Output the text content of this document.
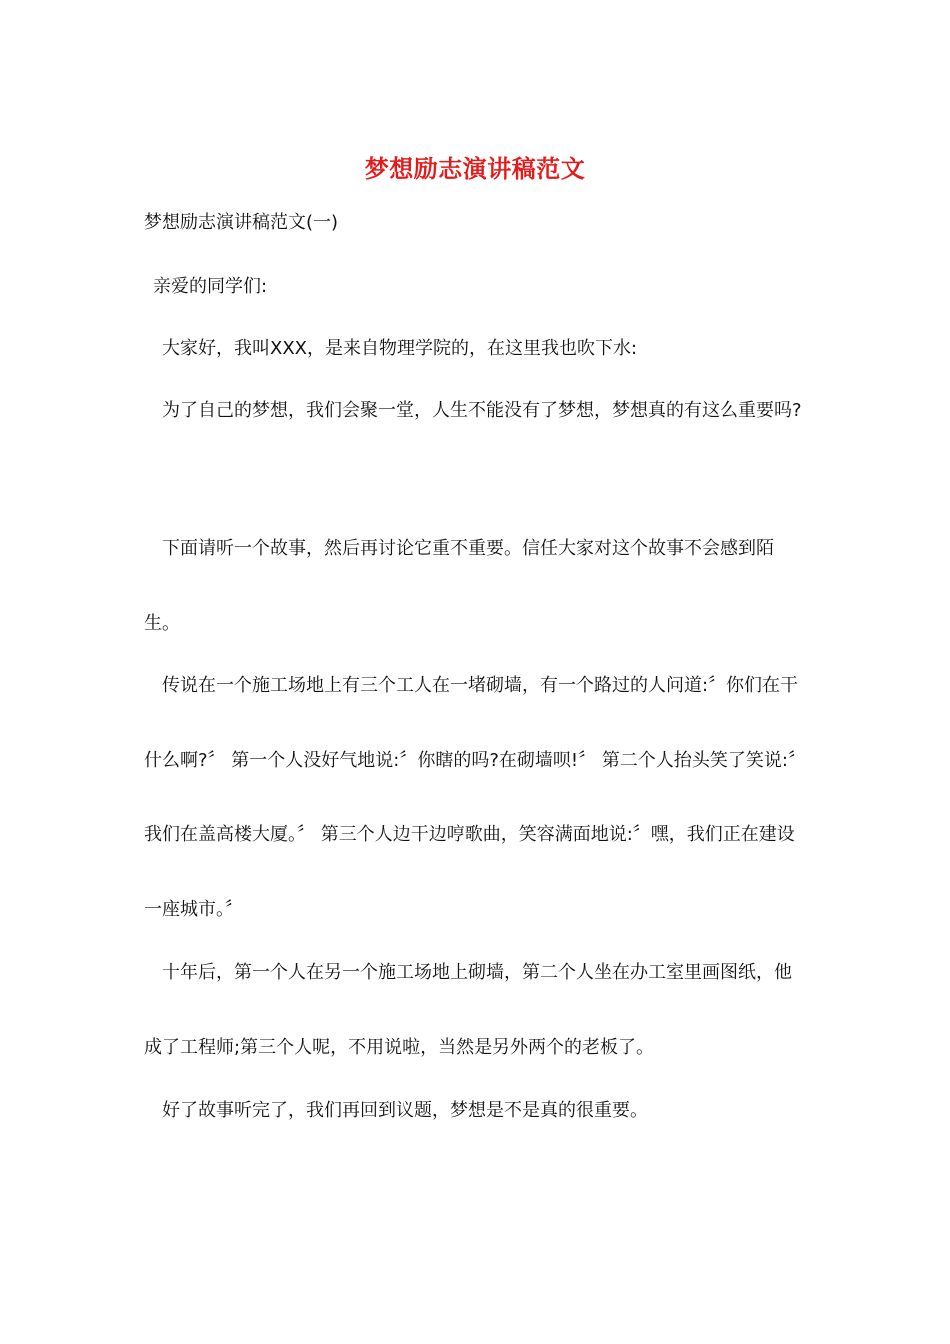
梦想励志演讲稿范文
梦想励志演讲稿范文(一)
亲爱的同学们:

大家好，我叫XXX，是来自物理学院的，在这里我也吹下水:

为了自己的梦想，我们会聚一堂，人生不能没有了梦想，梦想真的有这么重要吗?

下面请听一个故事，然后再讨论它重不重要。信任大家对这个故事不会感到陌生。

传说在一个施工场地上有三个工人在一堵砌墙，有一个路过的人问道:〞你们在干什么啊?〞 第一个人没好气地说:〞你瞎的吗?在砌墙呗!〞 第二个人抬头笑了笑说:〞我们在盖高楼大厦。〞 第三个人边干边哼歌曲，笑容满面地说:〞嘿，我们正在建设一座城市。〞

十年后，第一个人在另一个施工场地上砌墙，第二个人坐在办工室里画图纸，他成了工程师;第三个人呢，不用说啦，当然是另外两个的老板了。

好了故事听完了，我们再回到议题，梦想是不是真的很重要。
